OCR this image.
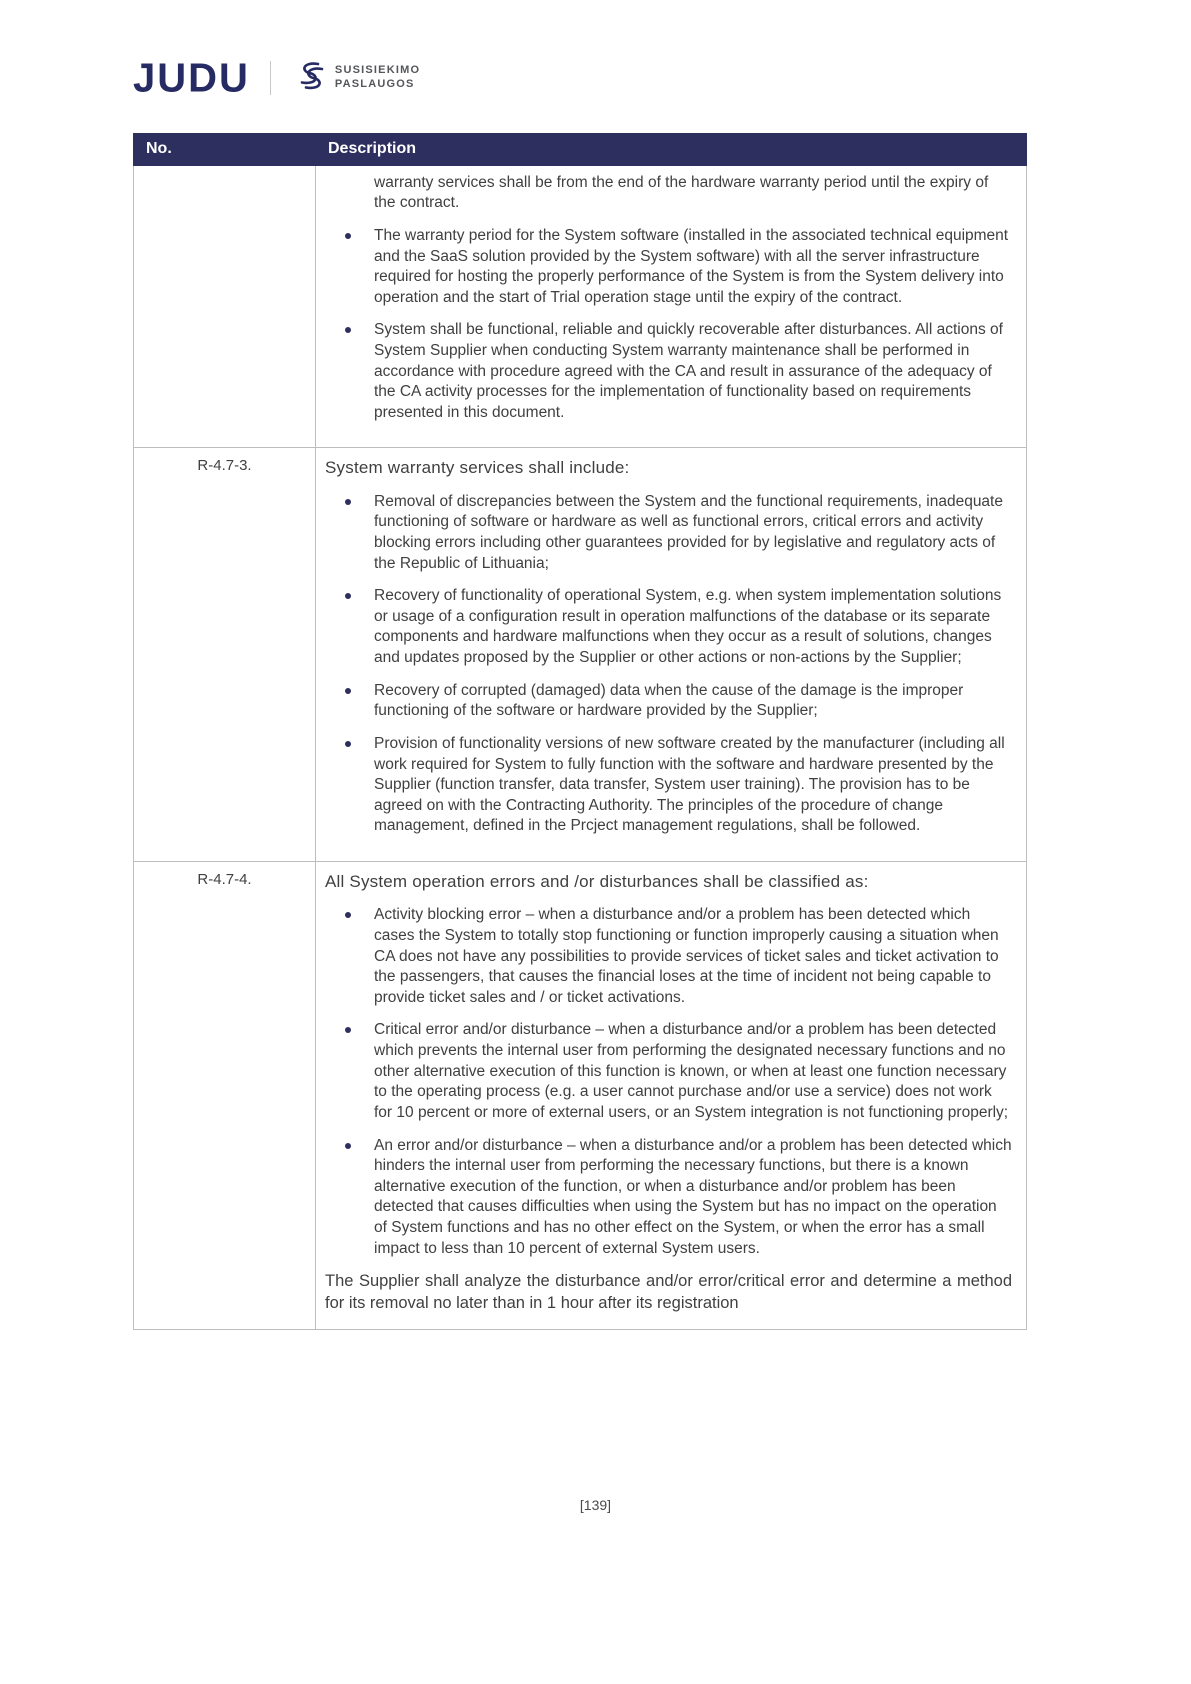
JUDU	SUSISIEKIMO
PASLAUGOS
No.	Description

	warranty services shall be from the end of the hardware warranty period until the expiry of the contract.
The warranty period for the System software (installed in the associated technical equipment and the SaaS solution provided by the System software) with all the server infrastructure required for hosting the properly performance of the System is from the System delivery into operation and the start of Trial operation stage until the expiry of the contract.
System shall be functional, reliable and quickly recoverable after disturbances. All actions of System Supplier when conducting System warranty maintenance shall be performed in accordance with procedure agreed with the CA and result in assurance of the adequacy of the CA activity processes for the implementation of functionality based on requirements presented in this document.

R-4.7-3.	System warranty services shall include:
Removal of discrepancies between the System and the functional requirements, inadequate functioning of software or hardware as well as functional errors, critical errors and activity blocking errors including other guarantees provided for by legislative and regulatory acts of the Republic of Lithuania;
Recovery of functionality of operational System, e.g. when system implementation solutions or usage of a configuration result in operation malfunctions of the database or its separate components and hardware malfunctions when they occur as a result of solutions, changes and updates proposed by the Supplier or other actions or non-actions by the Supplier;
Recovery of corrupted (damaged) data when the cause of the damage is the improper functioning of the software or hardware provided by the Supplier;
Provision of functionality versions of new software created by the manufacturer (including all work required for System to fully function with the software and hardware presented by the Supplier (function transfer, data transfer, System user training). The provision has to be agreed on with the Contracting Authority. The principles of the procedure of change management, defined in the Prcject management regulations, shall be followed.

R-4.7-4.	All System operation errors and /or disturbances shall be classified as:
Activity blocking error – when a disturbance and/or a problem has been detected which cases the System to totally stop functioning or function improperly causing a situation when CA does not have any possibilities to provide services of ticket sales and ticket activation to the passengers, that causes the financial loses at the time of incident not being capable to provide ticket sales and / or ticket activations.
Critical error and/or disturbance – when a disturbance and/or a problem has been detected which prevents the internal user from performing the designated necessary functions and no other alternative execution of this function is known, or when at least one function necessary to the operating process (e.g. a user cannot purchase and/or use a service) does not work for 10 percent or more of external users, or an System integration is not functioning properly;
An error and/or disturbance – when a disturbance and/or a problem has been detected which hinders the internal user from performing the necessary functions, but there is a known alternative execution of the function, or when a disturbance and/or problem has been detected that causes difficulties when using the System but has no impact on the operation of System functions and has no other effect on the System, or when the error has a small impact to less than 10 percent of external System users.
The Supplier shall analyze the disturbance and/or error/critical error and determine a method for its removal no later than in 1 hour after its registration
[139]
